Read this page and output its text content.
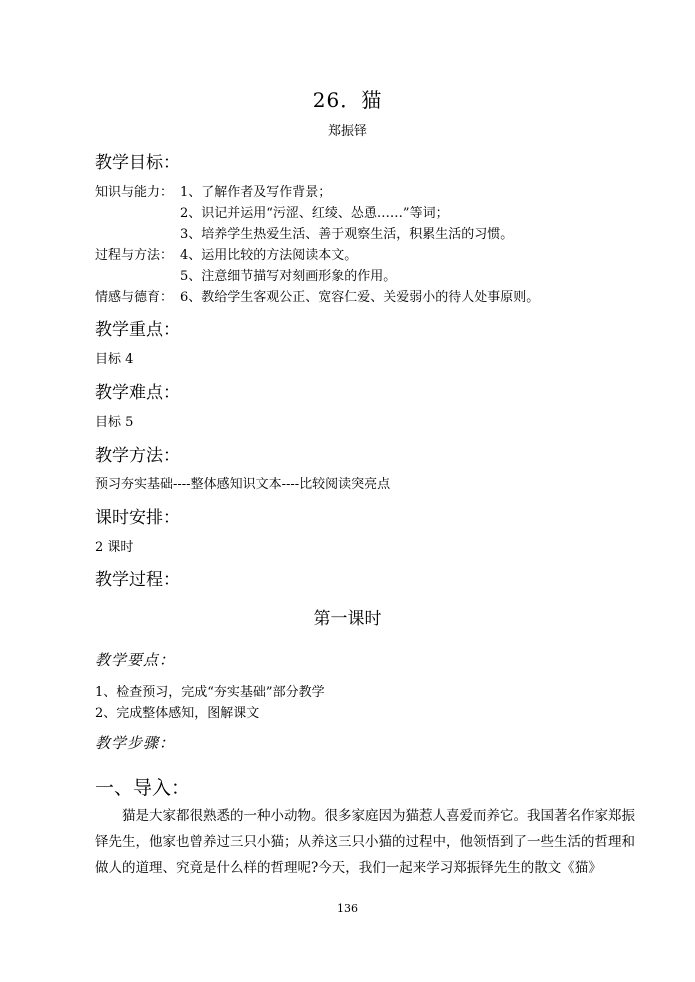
26．猫
郑振铎
教学目标：
知识与能力： 1、了解作者及写作背景；
2、识记并运用“污涩、红绫、怂恿……”等词；
3、培养学生热爱生活、善于观察生活，积累生活的习惯。
过程与方法： 4、运用比较的方法阅读本文。
5、注意细节描写对刻画形象的作用。
情感与德育： 6、教给学生客观公正、宽容仁爱、关爱弱小的待人处事原则。
教学重点：
目标 4
教学难点：
目标 5
教学方法：
预习夯实基础----整体感知识文本----比较阅读突亮点
课时安排：
2 课时
教学过程：
第一课时
教学要点：
1、检查预习，完成“夯实基础”部分教学
2、完成整体感知，图解课文
教学步骤：
一、导入：
猫是大家都很熟悉的一种小动物。很多家庭因为猫惹人喜爱而养它。我国著名作家郑振铎先生，他家也曾养过三只小猫；从养这三只小猫的过程中，他领悟到了一些生活的哲理和做人的道理、究竟是什么样的哲理呢?今天，我们一起来学习郑振铎先生的散文《猫》
136
